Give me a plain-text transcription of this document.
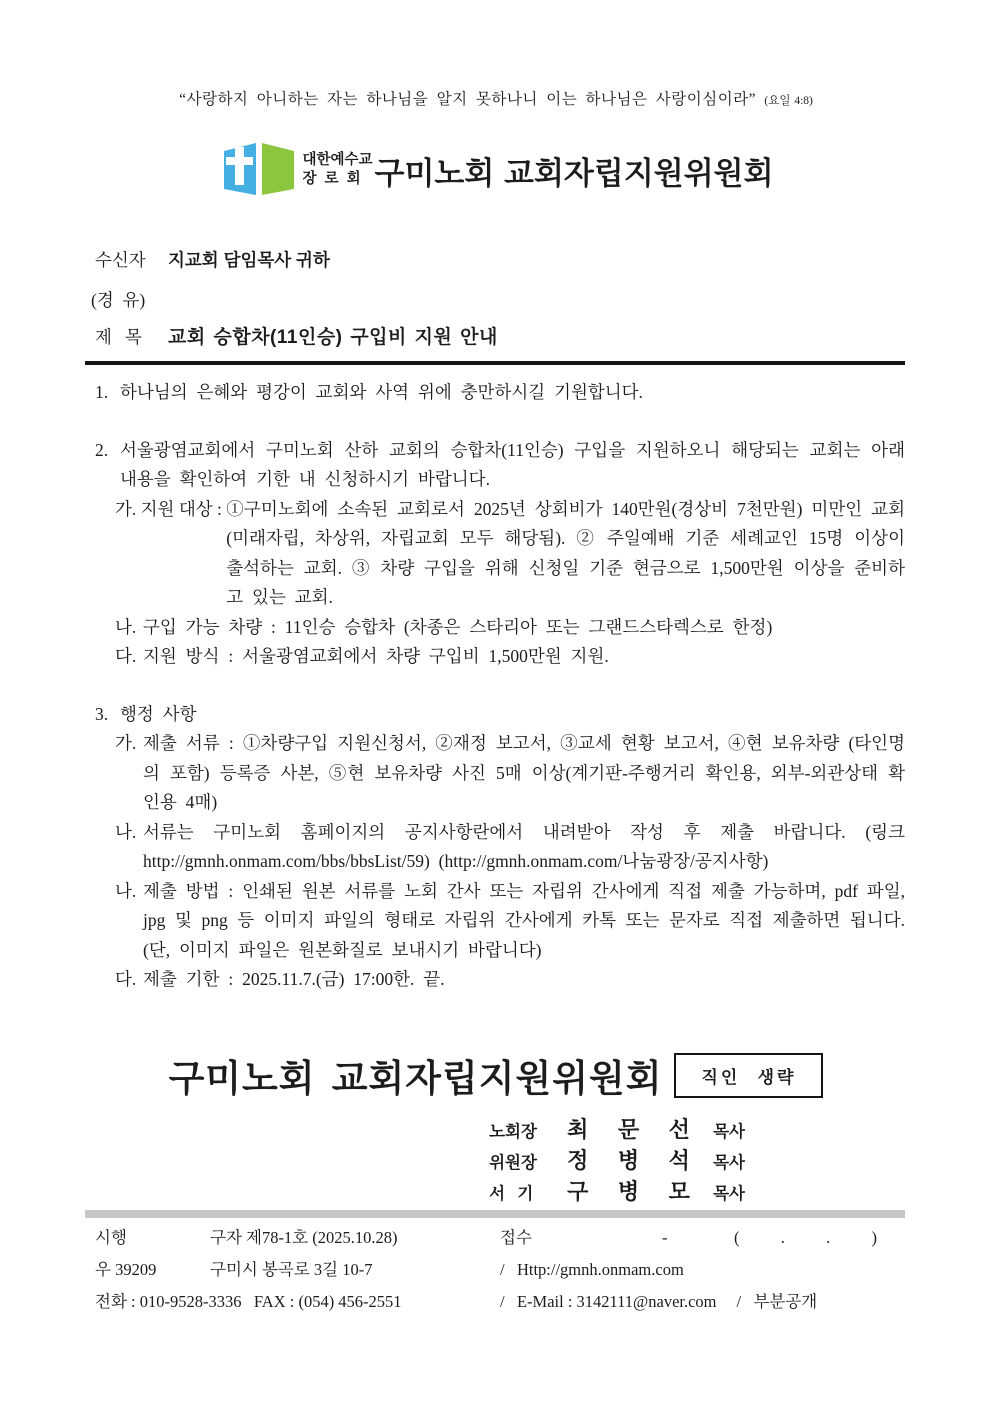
“사랑하지 아니하는 자는 하나님을 알지 못하나니 이는 하나님은 사랑이심이라” (요일 4:8)
대한예수교
장  로  회 구미노회 교회자립지원위원회
수신자	지교회 담임목사 귀하
(경  유)
제   목	교회 승합차(11인승) 구입비 지원 안내
1. 하나님의 은혜와 평강이 교회와 사역 위에 충만하시길 기원합니다.
2. 서울광염교회에서 구미노회 산하 교회의 승합차(11인승) 구입을 지원하오니 해당되는 교회는 아래 내용을 확인하여 기한 내 신청하시기 바랍니다.
가. 지원 대상 : ①구미노회에 소속된 교회로서 2025년 상회비가 140만원(경상비 7천만원) 미만인 교회(미래자립, 차상위, 자립교회 모두 해당됨). ② 주일예배 기준 세례교인 15명 이상이 출석하는 교회. ③ 차량 구입을 위해 신청일 기준 현금으로 1,500만원 이상을 준비하고 있는 교회.
나. 구입 가능 차량 : 11인승 승합차 (차종은 스타리아 또는 그랜드스타렉스로 한정)
다. 지원 방식 : 서울광염교회에서 차량 구입비 1,500만원 지원.
3. 행정 사항
가. 제출 서류 : ①차량구입 지원신청서, ②재정 보고서, ③교세 현황 보고서, ④현 보유차량 (타인명의 포함) 등록증 사본, ⑤현 보유차량 사진 5매 이상(계기판-주행거리 확인용, 외부-외관상태 확인용 4매)
나. 서류는 구미노회 홈페이지의 공지사항란에서 내려받아 작성 후 제출 바랍니다. (링크 http://gmnh.onmam.com/bbs/bbsList/59) (http://gmnh.onmam.com/나눔광장/공지사항)
나. 제출 방법 : 인쇄된 원본 서류를 노회 간사 또는 자립위 간사에게 직접 제출 가능하며, pdf 파일, jpg 및 png 등 이미지 파일의 형태로 자립위 간사에게 카톡 또는 문자로 직접 제출하면 됩니다. (단, 이미지 파일은 원본화질로 보내시기 바랍니다)
다. 제출 기한 : 2025.11.7.(금) 17:00한. 끝.
구미노회 교회자립지원위원회	직인 생략
노회장	최 문 선	목사
위원장	정 병 석	목사
서   기	구 병 모	목사
시행	구자 제78-1호 (2025.10.28)	접수	-	(          .          .          )
우 39209	구미시 봉곡로 3길 10-7	/   Http://gmnh.onmam.com
전화 : 010-9528-3336   FAX : (054) 456-2551	/   E-Mail : 3142111@naver.com /   부분공개
